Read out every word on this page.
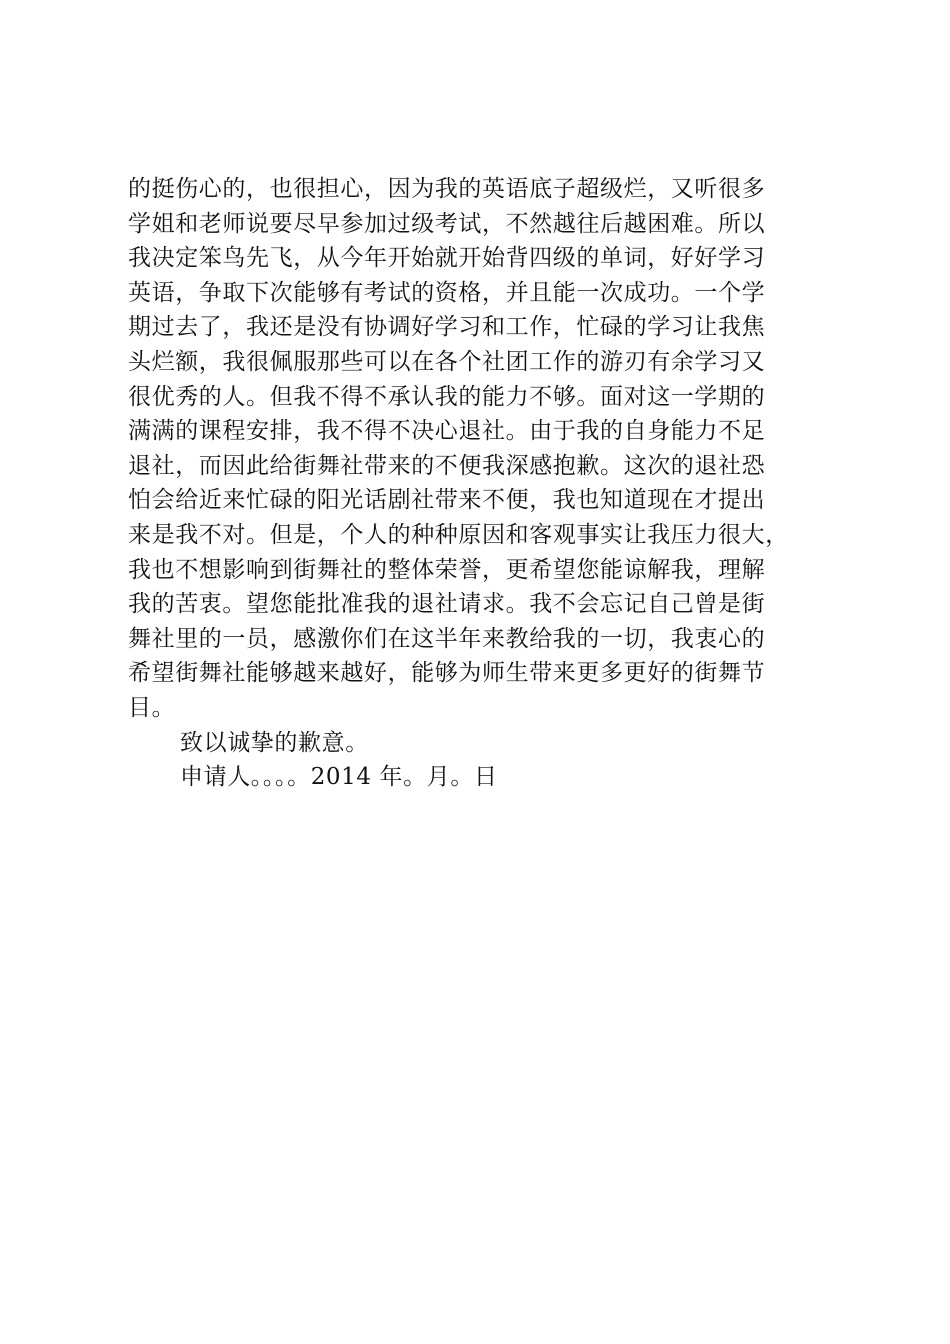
的挺伤心的，也很担心，因为我的英语底子超级烂，又听很多
学姐和老师说要尽早参加过级考试，不然越往后越困难。所以
我决定笨鸟先飞，从今年开始就开始背四级的单词，好好学习
英语，争取下次能够有考试的资格，并且能一次成功。一个学
期过去了，我还是没有协调好学习和工作，忙碌的学习让我焦
头烂额，我很佩服那些可以在各个社团工作的游刃有余学习又
很优秀的人。但我不得不承认我的能力不够。面对这一学期的
满满的课程安排，我不得不决心退社。由于我的自身能力不足
退社，而因此给街舞社带来的不便我深感抱歉。这次的退社恐
怕会给近来忙碌的阳光话剧社带来不便，我也知道现在才提出
来是我不对。但是，个人的种种原因和客观事实让我压力很大，
我也不想影响到街舞社的整体荣誉，更希望您能谅解我，理解
我的苦衷。望您能批准我的退社请求。我不会忘记自己曾是街
舞社里的一员，感激你们在这半年来教给我的一切，我衷心的
希望街舞社能够越来越好，能够为师生带来更多更好的街舞节
目。
致以诚挚的歉意。
申请人。。。。2014 年。月。日
